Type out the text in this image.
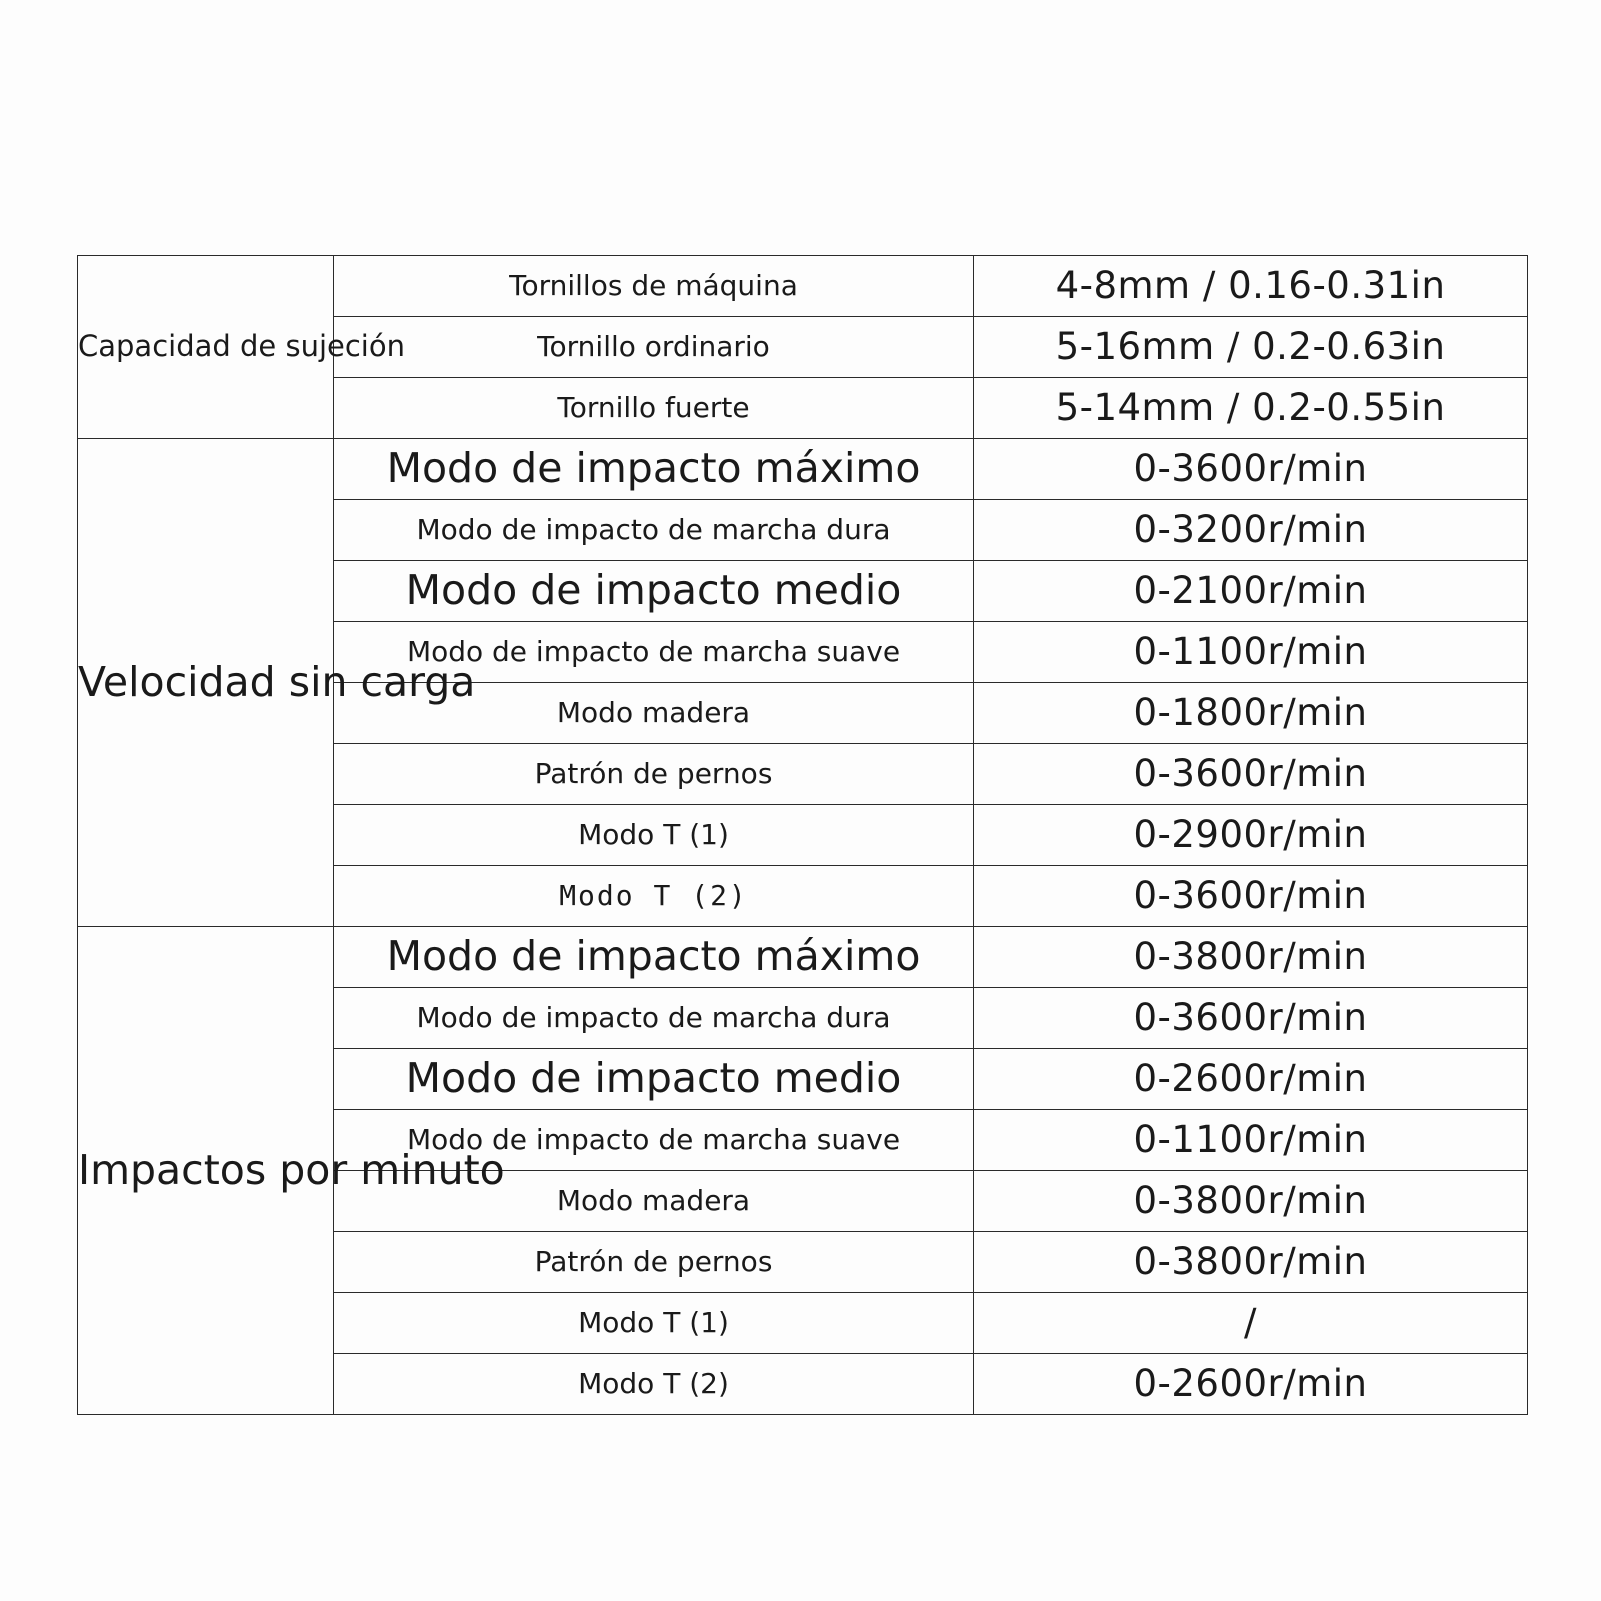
Capacidad de sujeción	Tornillos de máquina	4-8mm / 0.16-0.31in
	Tornillo ordinario	5-16mm / 0.2-0.63in
	Tornillo fuerte	5-14mm / 0.2-0.55in
Velocidad sin carga	Modo de impacto máximo	0-3600r/min
	Modo de impacto de marcha dura	0-3200r/min
	Modo de impacto medio	0-2100r/min
	Modo de impacto de marcha suave	0-1100r/min
	Modo madera	0-1800r/min
	Patrón de pernos	0-3600r/min
	Modo T (1)	0-2900r/min
	Modo T (2)	0-3600r/min
Impactos por minuto	Modo de impacto máximo	0-3800r/min
	Modo de impacto de marcha dura	0-3600r/min
	Modo de impacto medio	0-2600r/min
	Modo de impacto de marcha suave	0-1100r/min
	Modo madera	0-3800r/min
	Patrón de pernos	0-3800r/min
	Modo T (1)	/
	Modo T (2)	0-2600r/min
